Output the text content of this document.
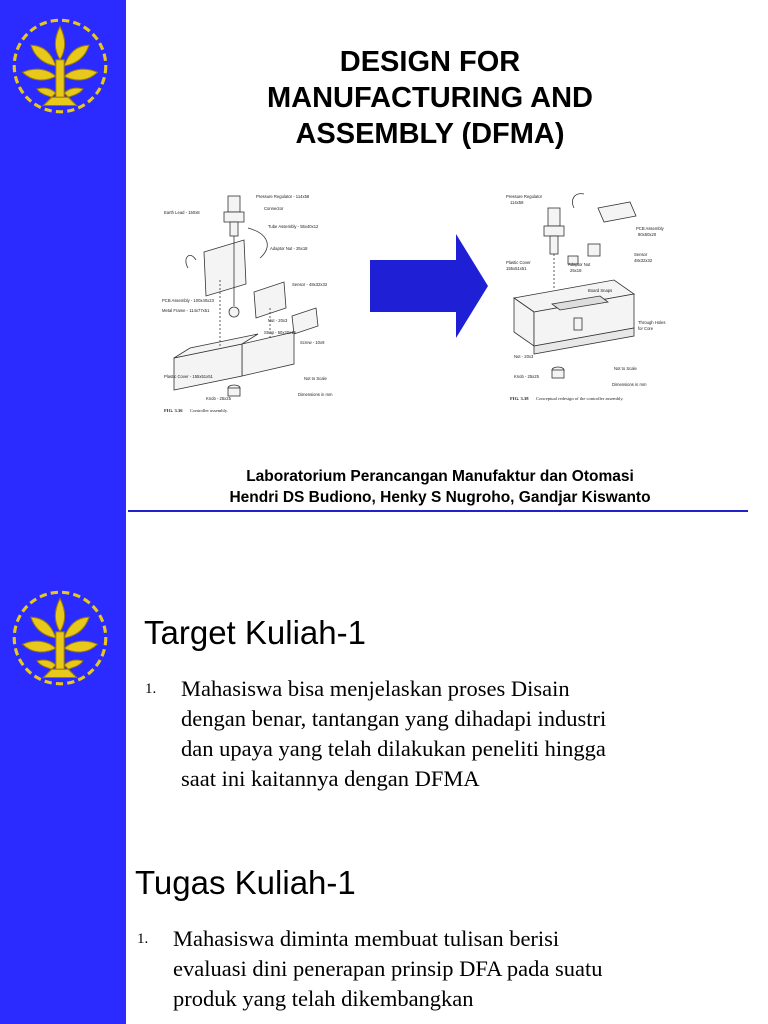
DESIGN FOR
MANUFACTURING AND
ASSEMBLY (DFMA)
Pressure Regulator - 114x58
Connector
Earth Lead - 150x8
Tube Assembly - 55x40x12
Adaptor Nut - 25x18
Sensor - 48x32x32
PCB Assembly - 100x40x23
Metal Frame - 114x77x51
Nut - 20x3
Strap - 50x20x16
Screw - 10x9
Plastic Cover - 155x51x51	Not to Scale
Knob - 25x25
Dimensions in mm
FIG. 3.36 Controller assembly.
Pressure Regulator
114x58
PCB Assembly
80x50x20
Plastic Cover
155x51x51
Adaptor Nut
25x18
Sensor
48x32x32
Board Snaps
Through Holes
for Core
Nut - 20x3
Not to Scale
Knob - 25x25
Dimensions in mm
FIG. 3.38 Conceptual redesign of the controller assembly.
Laboratorium Perancangan Manufaktur dan Otomasi
Hendri DS Budiono, Henky S Nugroho, Gandjar Kiswanto
Target Kuliah-1
1. Mahasiswa bisa menjelaskan proses Disain
dengan benar, tantangan yang dihadapi industri
dan upaya yang telah dilakukan peneliti hingga
saat ini kaitannya dengan DFMA
Tugas Kuliah-1
1. Mahasiswa diminta membuat tulisan berisi
evaluasi dini penerapan prinsip DFA pada suatu
produk yang telah dikembangkan
